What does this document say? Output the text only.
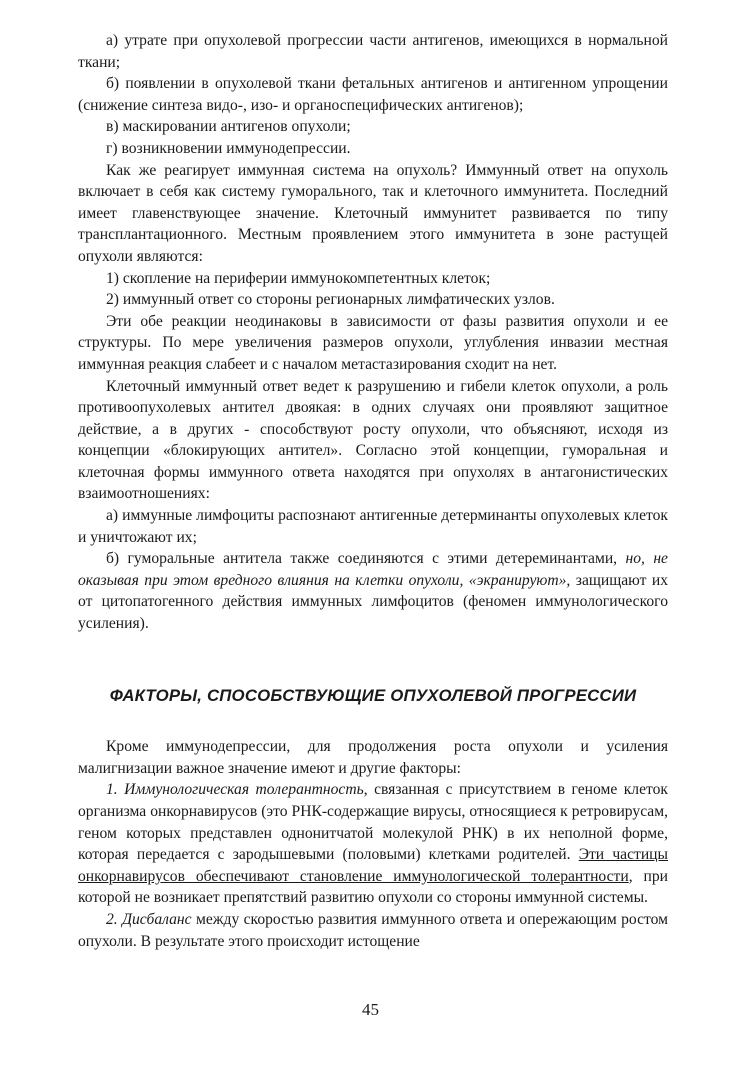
а) утрате при опухолевой прогрессии части антигенов, имеющихся в нормальной ткани;

б) появлении в опухолевой ткани фетальных антигенов и антигенном упрощении (снижение синтеза видо-, изо- и органоспецифических антигенов);

в) маскировании антигенов опухоли;

г) возникновении иммунодепрессии.

Как же реагирует иммунная система на опухоль? Иммунный ответ на опухоль включает в себя как систему гуморального, так и клеточного иммунитета. Последний имеет главенствующее значение. Клеточный иммунитет развивается по типу трансплантационного. Местным проявлением этого иммунитета в зоне растущей опухоли являются:

1) скопление на периферии иммунокомпетентных клеток;

2) иммунный ответ со стороны регионарных лимфатических узлов.

Эти обе реакции неодинаковы в зависимости от фазы развития опухоли и ее структуры. По мере увеличения размеров опухоли, углубления инвазии местная иммунная реакция слабеет и с началом метастазирования сходит на нет.

Клеточный иммунный ответ ведет к разрушению и гибели клеток опухоли, а роль противоопухолевых антител двоякая: в одних случаях они проявляют защитное действие, а в других - способствуют росту опухоли, что объясняют, исходя из концепции «блокирующих антител». Согласно этой концепции, гуморальная и клеточная формы иммунного ответа находятся при опухолях в антагонистических взаимоотношениях:

а) иммунные лимфоциты распознают антигенные детерминанты опухолевых клеток и уничтожают их;

б) гуморальные антитела также соединяются с этими детереминантами, но, не оказывая при этом вредного влияния на клетки опухоли, «экранируют», защищают их от цитопатогенного действия иммунных лимфоцитов (феномен иммунологического усиления).

ФАКТОРЫ, СПОСОБСТВУЮЩИЕ ОПУХОЛЕВОЙ ПРОГРЕССИИ

Кроме иммунодепрессии, для продолжения роста опухоли и усиления малигнизации важное значение имеют и другие факторы:

1. Иммунологическая толерантность, связанная с присутствием в геноме клеток организма онкорнавирусов (это РНК-содержащие вирусы, относящиеся к ретровирусам, геном которых представлен однонитчатой молекулой РНК) в их неполной форме, которая передается с зародышевыми (половыми) клетками родителей. Эти частицы онкорнавирусов обеспечивают становление иммунологической толерантности, при которой не возникает препятствий развитию опухоли со стороны иммунной системы.

2. Дисбаланс между скоростью развития иммунного ответа и опережающим ростом опухоли. В результате этого происходит истощение

45
